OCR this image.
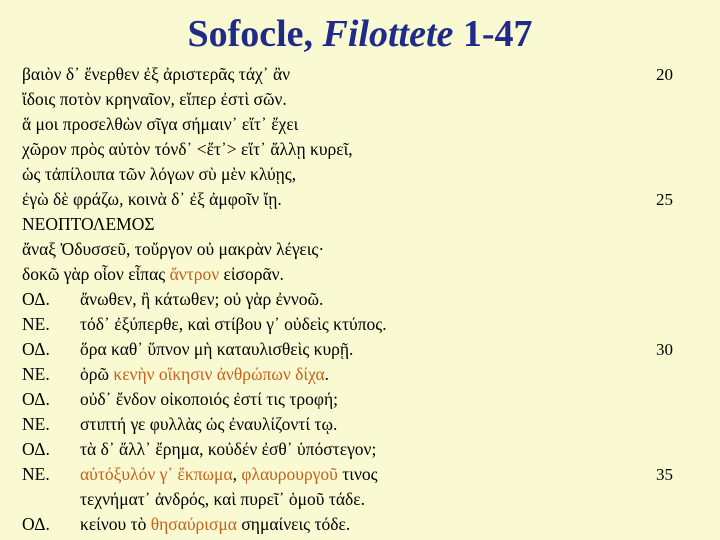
Sofocle, Filottete 1-47
βαιὸν δ᾽ ἔνερθεν ἐξ ἀριστερᾶς τάχ᾽ ἂν	20
ἴδοις ποτὸν κρηναῖον, εἴπερ ἐστὶ σῶν.
ἅ μοι προσελθὼν σῖγα σήμαιν᾽ εἴτ᾽ ἔχει
χῶρον πρὸς αὐτὸν τόνδ᾽ <ἔτ᾽> εἴτ᾽ ἄλλῃ κυρεῖ,
ὡς τἀπίλοιπα τῶν λόγων σὺ μὲν κλύῃς,
ἐγὼ δὲ φράζω, κοινὰ δ᾽ ἐξ ἀμφοῖν ἴῃ.	25
ΝΕΟΠΤΟΛΕΜΟΣ
ἄναξ Ὀδυσσεῦ, τοὔργον οὐ μακρὰν λέγεις·
δοκῶ γὰρ οἷον εἶπας ἄντρον εἰσορᾶν.
ΟΔ. ἄνωθεν, ἢ κάτωθεν; οὐ γὰρ ἐννοῶ.
ΝΕ. τόδ᾽ ἐξύπερθε, καὶ στίβου γ᾽ οὐδεὶς κτύπος.
ΟΔ. ὅρα καθ᾽ ὕπνον μὴ καταυλισθεὶς κυρῇ.	30
ΝΕ. ὁρῶ κενὴν οἴκησιν ἀνθρώπων δίχα.
ΟΔ. οὐδ᾽ ἔνδον οἰκοποιός ἐστί τις τροφή;
ΝΕ. στιπτή γε φυλλὰς ὡς ἐναυλίζοντί τῳ.
ΟΔ. τὰ δ᾽ ἄλλ᾽ ἔρημα, κοὐδέν ἐσθ᾽ ὑπόστεγον;
ΝΕ. αὐτόξυλόν γ᾽ ἔκπωμα, φλαυρουργοῦ τινος	35
τεχνήματ᾽ ἀνδρός, καὶ πυρεῖ᾽ ὁμοῦ τάδε.
ΟΔ. κείνου τὸ θησαύρισμα σημαίνεις τόδε.
